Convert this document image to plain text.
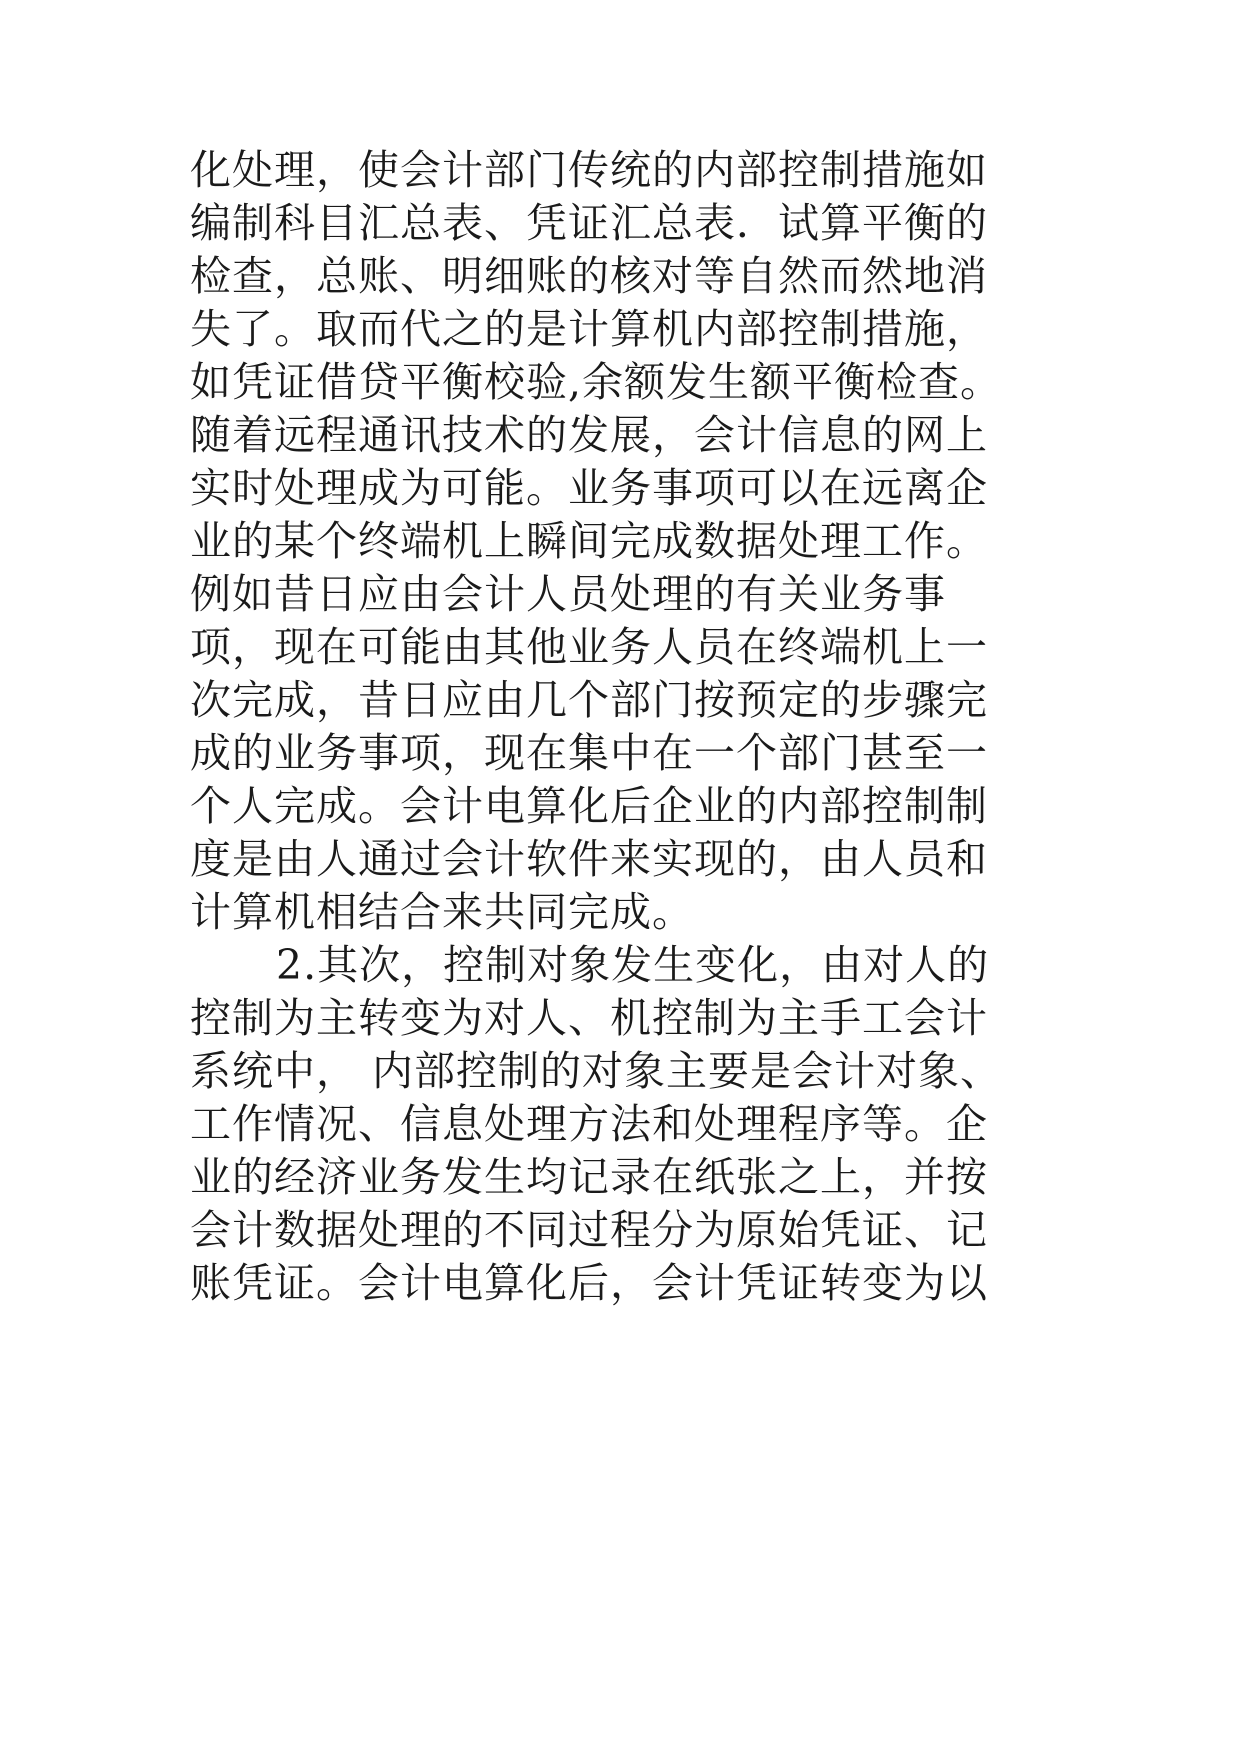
化处理，使会计部门传统的内部控制措施如
编制科目汇总表、凭证汇总表．试算平衡的
检查，总账、明细账的核对等自然而然地消
失了。取而代之的是计算机内部控制措施，
如凭证借贷平衡校验,余额发生额平衡检查。
随着远程通讯技术的发展，会计信息的网上
实时处理成为可能。业务事项可以在远离企
业的某个终端机上瞬间完成数据处理工作。
例如昔日应由会计人员处理的有关业务事
项，现在可能由其他业务人员在终端机上一
次完成，昔日应由几个部门按预定的步骤完
成的业务事项，现在集中在一个部门甚至一
个人完成。会计电算化后企业的内部控制制
度是由人通过会计软件来实现的，由人员和
计算机相结合来共同完成。
2.其次，控制对象发生变化，由对人的
控制为主转变为对人、机控制为主手工会计
系统中， 内部控制的对象主要是会计对象、
工作情况、信息处理方法和处理程序等。企
业的经济业务发生均记录在纸张之上，并按
会计数据处理的不同过程分为原始凭证、记
账凭证。会计电算化后，会计凭证转变为以
